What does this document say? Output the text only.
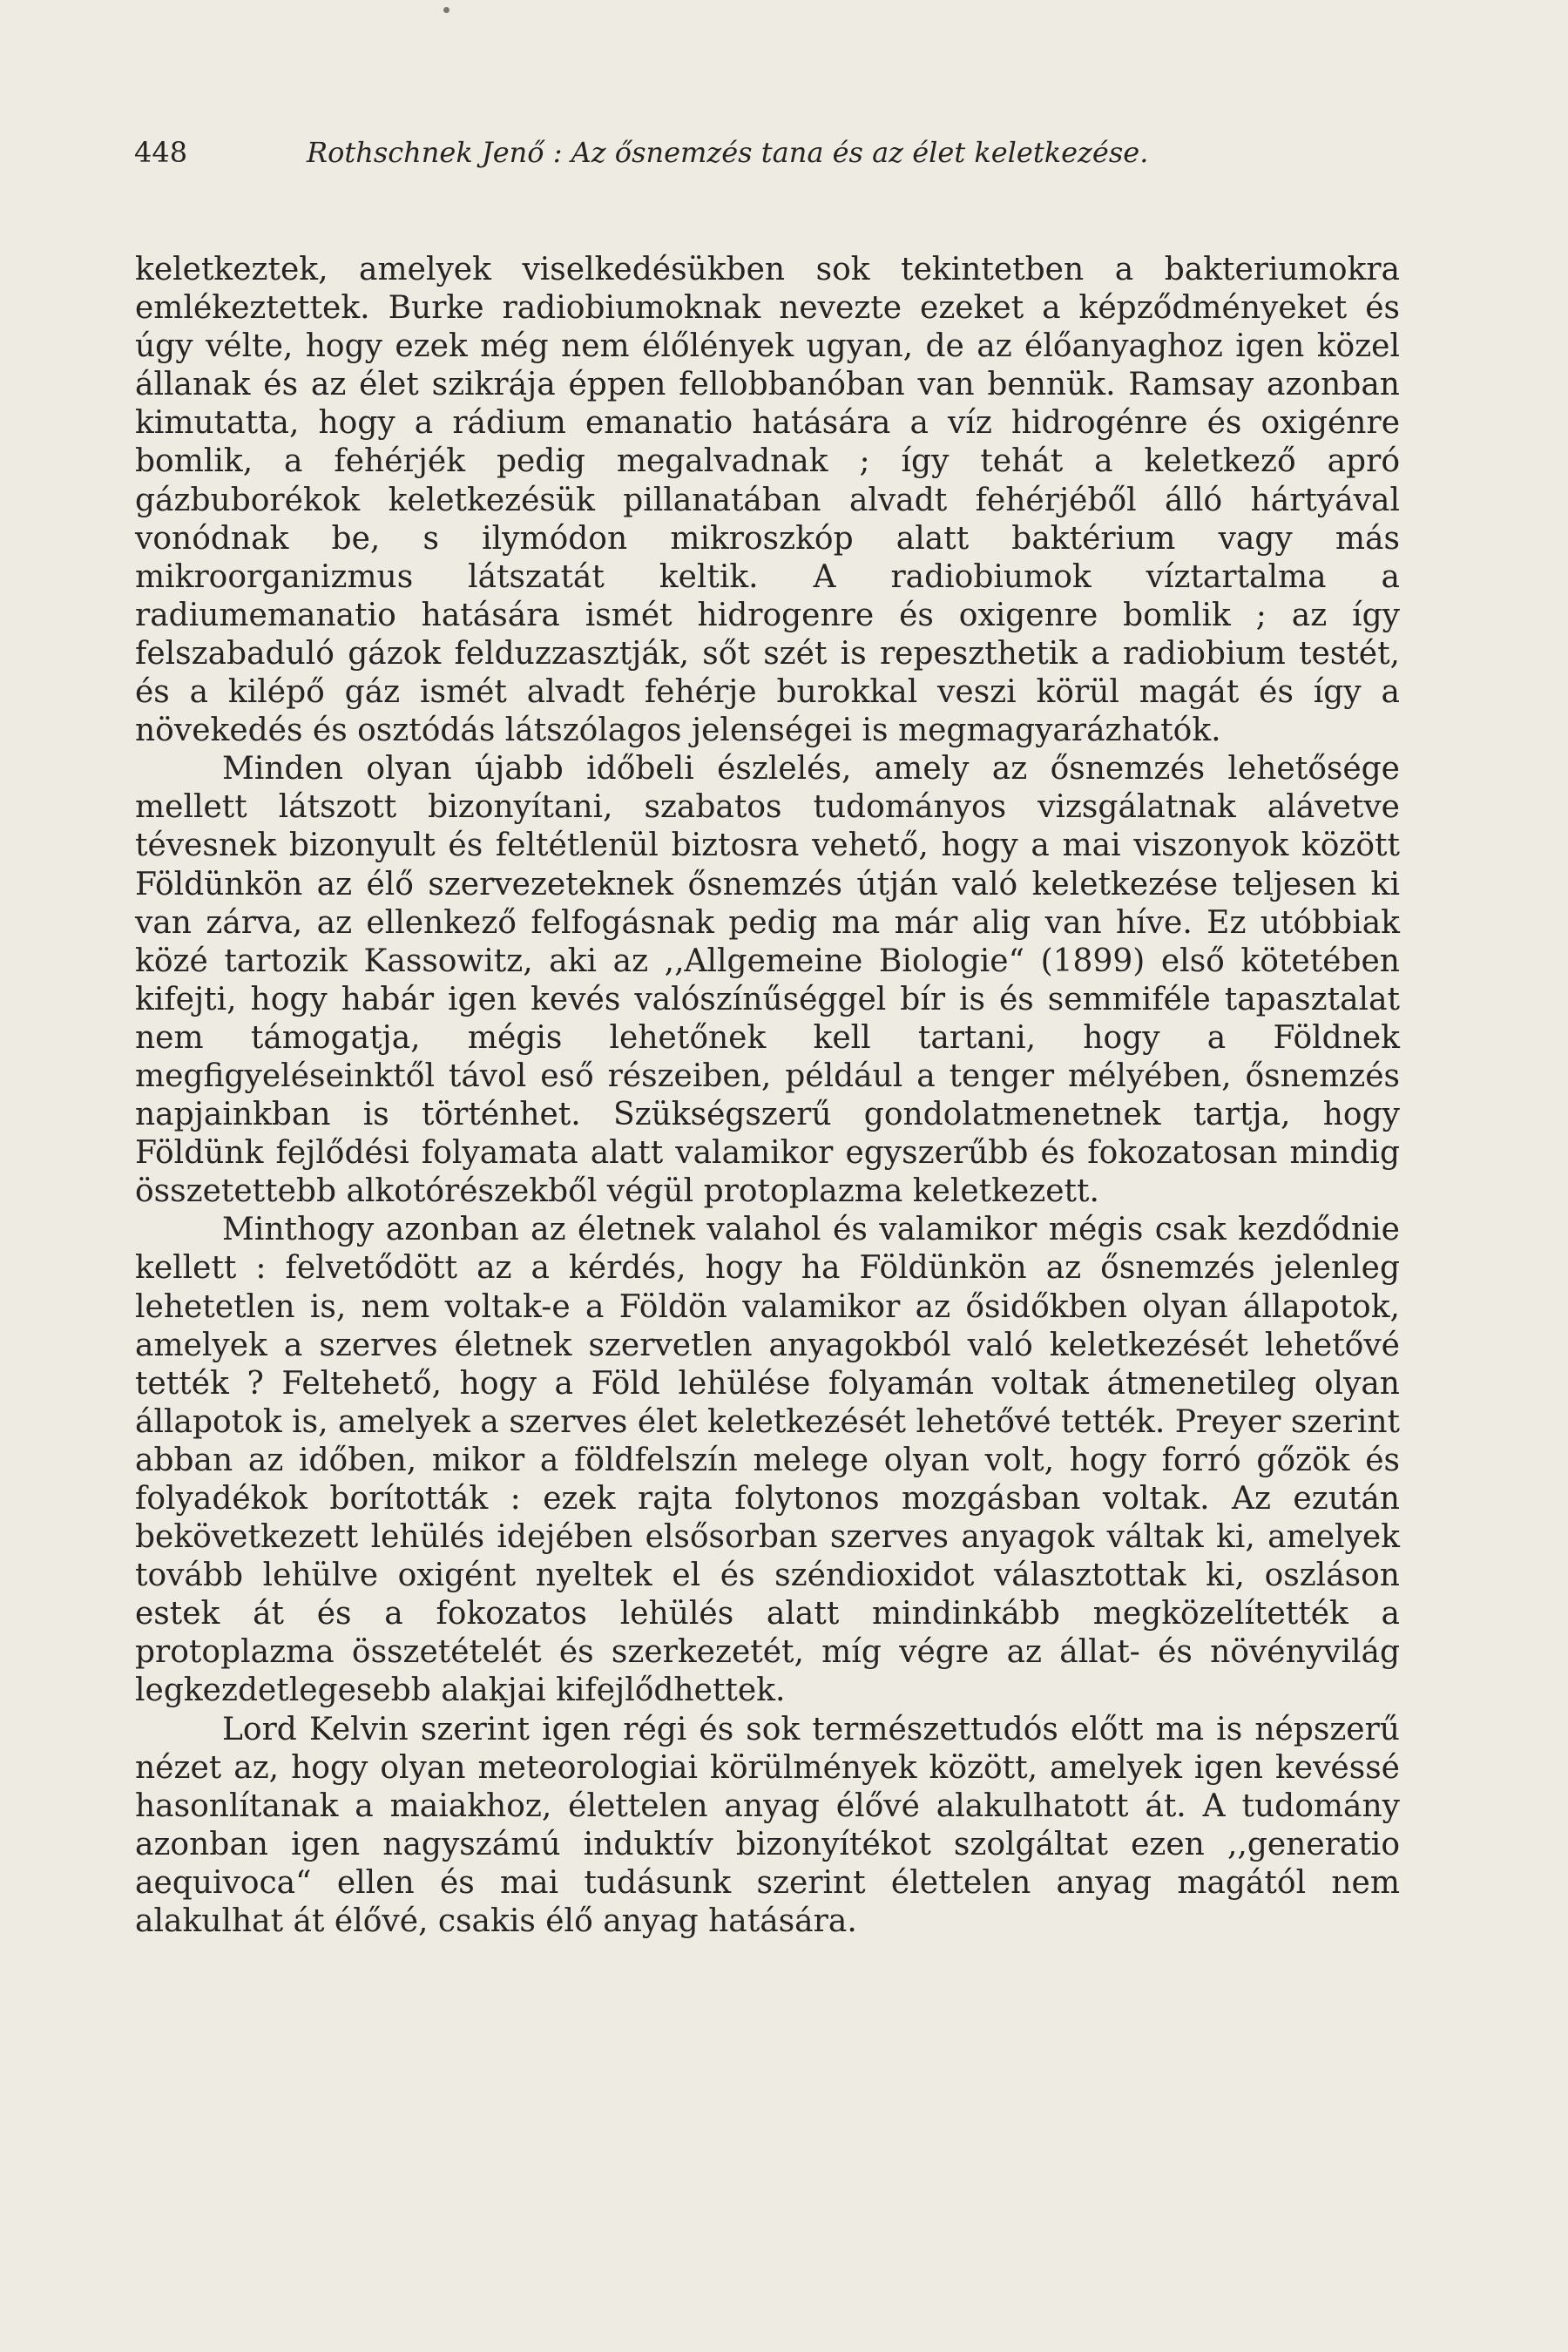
448	Rothschnek Jenő : Az ősnemzés tana és az élet keletkezése.

keletkeztek, amelyek viselkedésükben sok tekintetben a bakteriumokra emlékeztettek. Burke radiobiumoknak nevezte ezeket a képződményeket és úgy vélte, hogy ezek még nem élőlények ugyan, de az élőanyaghoz igen közel állanak és az élet szikrája éppen fellobbanóban van bennük. Ramsay azonban kimutatta, hogy a rádium emanatio hatására a víz hidrogénre és oxigénre bomlik, a fehérjék pedig megalvadnak ; így tehát a keletkező apró gázbuborékok keletkezésük pillanatában alvadt fehérjéből álló hártyával vonódnak be, s ilymódon mikroszkóp alatt baktérium vagy más mikroorganizmus látszatát keltik. A radiobiumok víztartalma a radiumemanatio hatására ismét hidrogenre és oxigenre bomlik ; az így felszabaduló gázok felduzzasztják, sőt szét is repeszthetik a radiobium testét, és a kilépő gáz ismét alvadt fehérje burokkal veszi körül magát és így a növekedés és osztódás látszólagos jelenségei is megmagyarázhatók.

Minden olyan újabb időbeli észlelés, amely az ősnemzés lehetősége mellett látszott bizonyítani, szabatos tudományos vizsgálatnak alávetve tévesnek bizonyult és feltétlenül biztosra vehető, hogy a mai viszonyok között Földünkön az élő szervezeteknek ősnemzés útján való keletkezése teljesen ki van zárva, az ellenkező felfogásnak pedig ma már alig van híve. Ez utóbbiak közé tartozik Kassowitz, aki az ,,Allgemeine Biologie“ (1899) első kötetében kifejti, hogy habár igen kevés valószínűséggel bír is és semmiféle tapasztalat nem támogatja, mégis lehetőnek kell tartani, hogy a Földnek megfigyeléseinktől távol eső részeiben, például a tenger mélyében, ősnemzés napjainkban is történhet. Szükségszerű gondolatmenetnek tartja, hogy Földünk fejlődési folyamata alatt valamikor egyszerűbb és fokozatosan mindig összetettebb alkotórészekből végül protoplazma keletkezett.

Minthogy azonban az életnek valahol és valamikor mégis csak kezdődnie kellett : felvetődött az a kérdés, hogy ha Földünkön az ősnemzés jelenleg lehetetlen is, nem voltak-e a Földön valamikor az ősidőkben olyan állapotok, amelyek a szerves életnek szervetlen anyagokból való keletkezését lehetővé tették ? Feltehető, hogy a Föld lehülése folyamán voltak átmenetileg olyan állapotok is, amelyek a szerves élet keletkezését lehetővé tették. Preyer szerint abban az időben, mikor a földfelszín melege olyan volt, hogy forró gőzök és folyadékok borították : ezek rajta folytonos mozgásban voltak. Az ezután bekövetkezett lehülés idejében elsősorban szerves anyagok váltak ki, amelyek tovább lehülve oxigént nyeltek el és széndioxidot választottak ki, oszláson estek át és a fokozatos lehülés alatt mindinkább megközelítették a protoplazma összetételét és szerkezetét, míg végre az állat- és növényvilág legkezdetlegesebb alakjai kifejlődhettek.

Lord Kelvin szerint igen régi és sok természettudós előtt ma is népszerű nézet az, hogy olyan meteorologiai körülmények között, amelyek igen kevéssé hasonlítanak a maiakhoz, élettelen anyag élővé alakulhatott át. A tudomány azonban igen nagyszámú induktív bizonyítékot szolgáltat ezen ,,generatio aequivoca“ ellen és mai tudásunk szerint élettelen anyag magától nem alakulhat át élővé, csakis élő anyag hatására.
